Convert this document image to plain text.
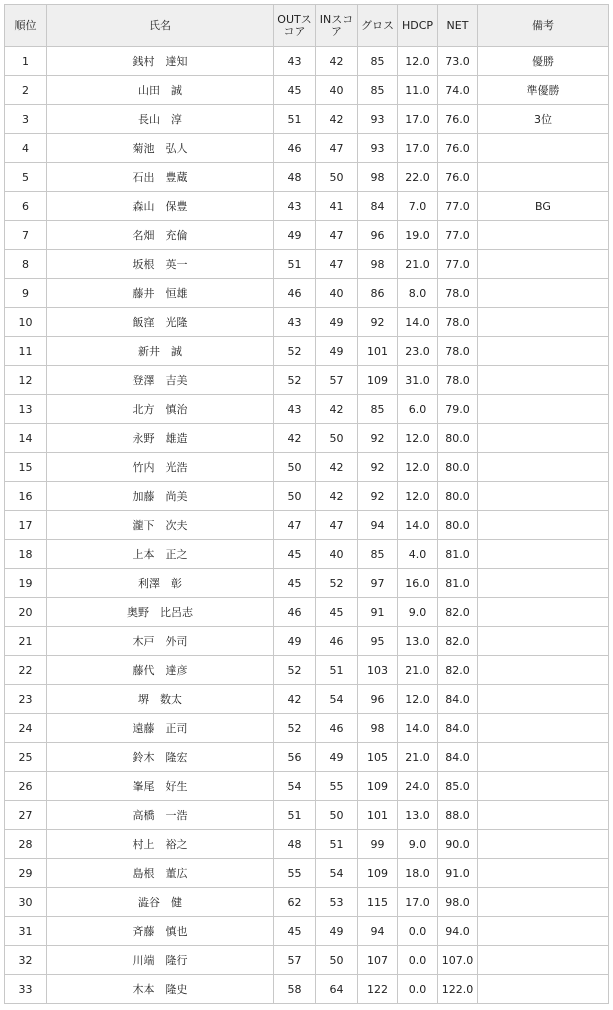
順位	氏名	OUTスコア	INスコア	グロス	HDCP	NET	備考
1	銭村　達知	43	42	85	12.0	73.0	優勝
2	山田　誠	45	40	85	11.0	74.0	準優勝
3	長山　淳	51	42	93	17.0	76.0	3位
4	菊池　弘人	46	47	93	17.0	76.0	
5	石出　豊蔵	48	50	98	22.0	76.0	
6	森山　保豊	43	41	84	7.0	77.0	BG
7	名畑　充倫	49	47	96	19.0	77.0	
8	坂根　英一	51	47	98	21.0	77.0	
9	藤井　恒雄	46	40	86	8.0	78.0	
10	飯窪　光隆	43	49	92	14.0	78.0	
11	新井　誠	52	49	101	23.0	78.0	
12	登澤　吉美	52	57	109	31.0	78.0	
13	北方　慎治	43	42	85	6.0	79.0	
14	永野　雄造	42	50	92	12.0	80.0	
15	竹内　光浩	50	42	92	12.0	80.0	
16	加藤　尚美	50	42	92	12.0	80.0	
17	瀧下　次夫	47	47	94	14.0	80.0	
18	上本　正之	45	40	85	4.0	81.0	
19	利澤　彰	45	52	97	16.0	81.0	
20	奥野　比呂志	46	45	91	9.0	82.0	
21	木戸　外司	49	46	95	13.0	82.0	
22	藤代　達彦	52	51	103	21.0	82.0	
23	堺　数太	42	54	96	12.0	84.0	
24	遠藤　正司	52	46	98	14.0	84.0	
25	鈴木　隆宏	56	49	105	21.0	84.0	
26	峯尾　好生	54	55	109	24.0	85.0	
27	高橋　一浩	51	50	101	13.0	88.0	
28	村上　裕之	48	51	99	9.0	90.0	
29	島根　董広	55	54	109	18.0	91.0	
30	澁谷　健	62	53	115	17.0	98.0	
31	斉藤　慎也	45	49	94	0.0	94.0	
32	川端　隆行	57	50	107	0.0	107.0	
33	木本　隆史	58	64	122	0.0	122.0	
